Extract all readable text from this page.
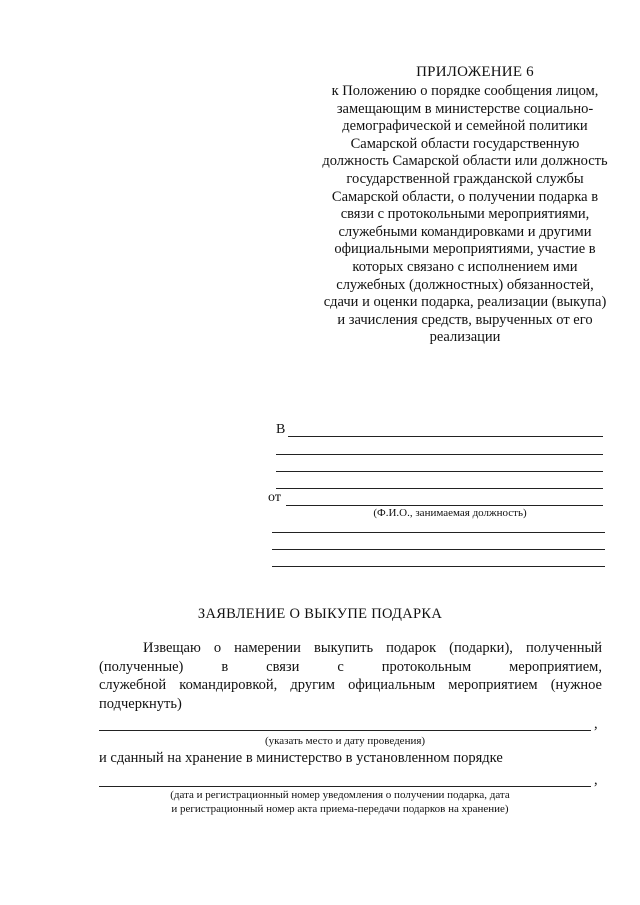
ПРИЛОЖЕНИЕ 6
к Положению о порядке сообщения лицом,
замещающим в министерстве социально-
демографической и семейной политики
Самарской области государственную
должность Самарской области или должность
государственной гражданской службы
Самарской области, о получении подарка в
связи с протокольными мероприятиями,
служебными командировками и другими
официальными мероприятиями, участие в
которых связано с исполнением ими
служебных (должностных) обязанностей,
сдачи и оценки подарка, реализации (выкупа)
и зачисления средств, вырученных от его
реализации
В
от
(Ф.И.О., занимаемая должность)
ЗАЯВЛЕНИЕ О ВЫКУПЕ ПОДАРКА
Извещаю о намерении выкупить подарок (подарки), полученный
(полученные) в связи с протокольным мероприятием,
служебной командировкой, другим официальным мероприятием (нужное
подчеркнуть)
,
(указать место и дату проведения)
и сданный на хранение в министерство в установленном порядке
,
(дата и регистрационный номер уведомления о получении подарка, дата
и регистрационный номер акта приема-передачи подарков на хранение)
